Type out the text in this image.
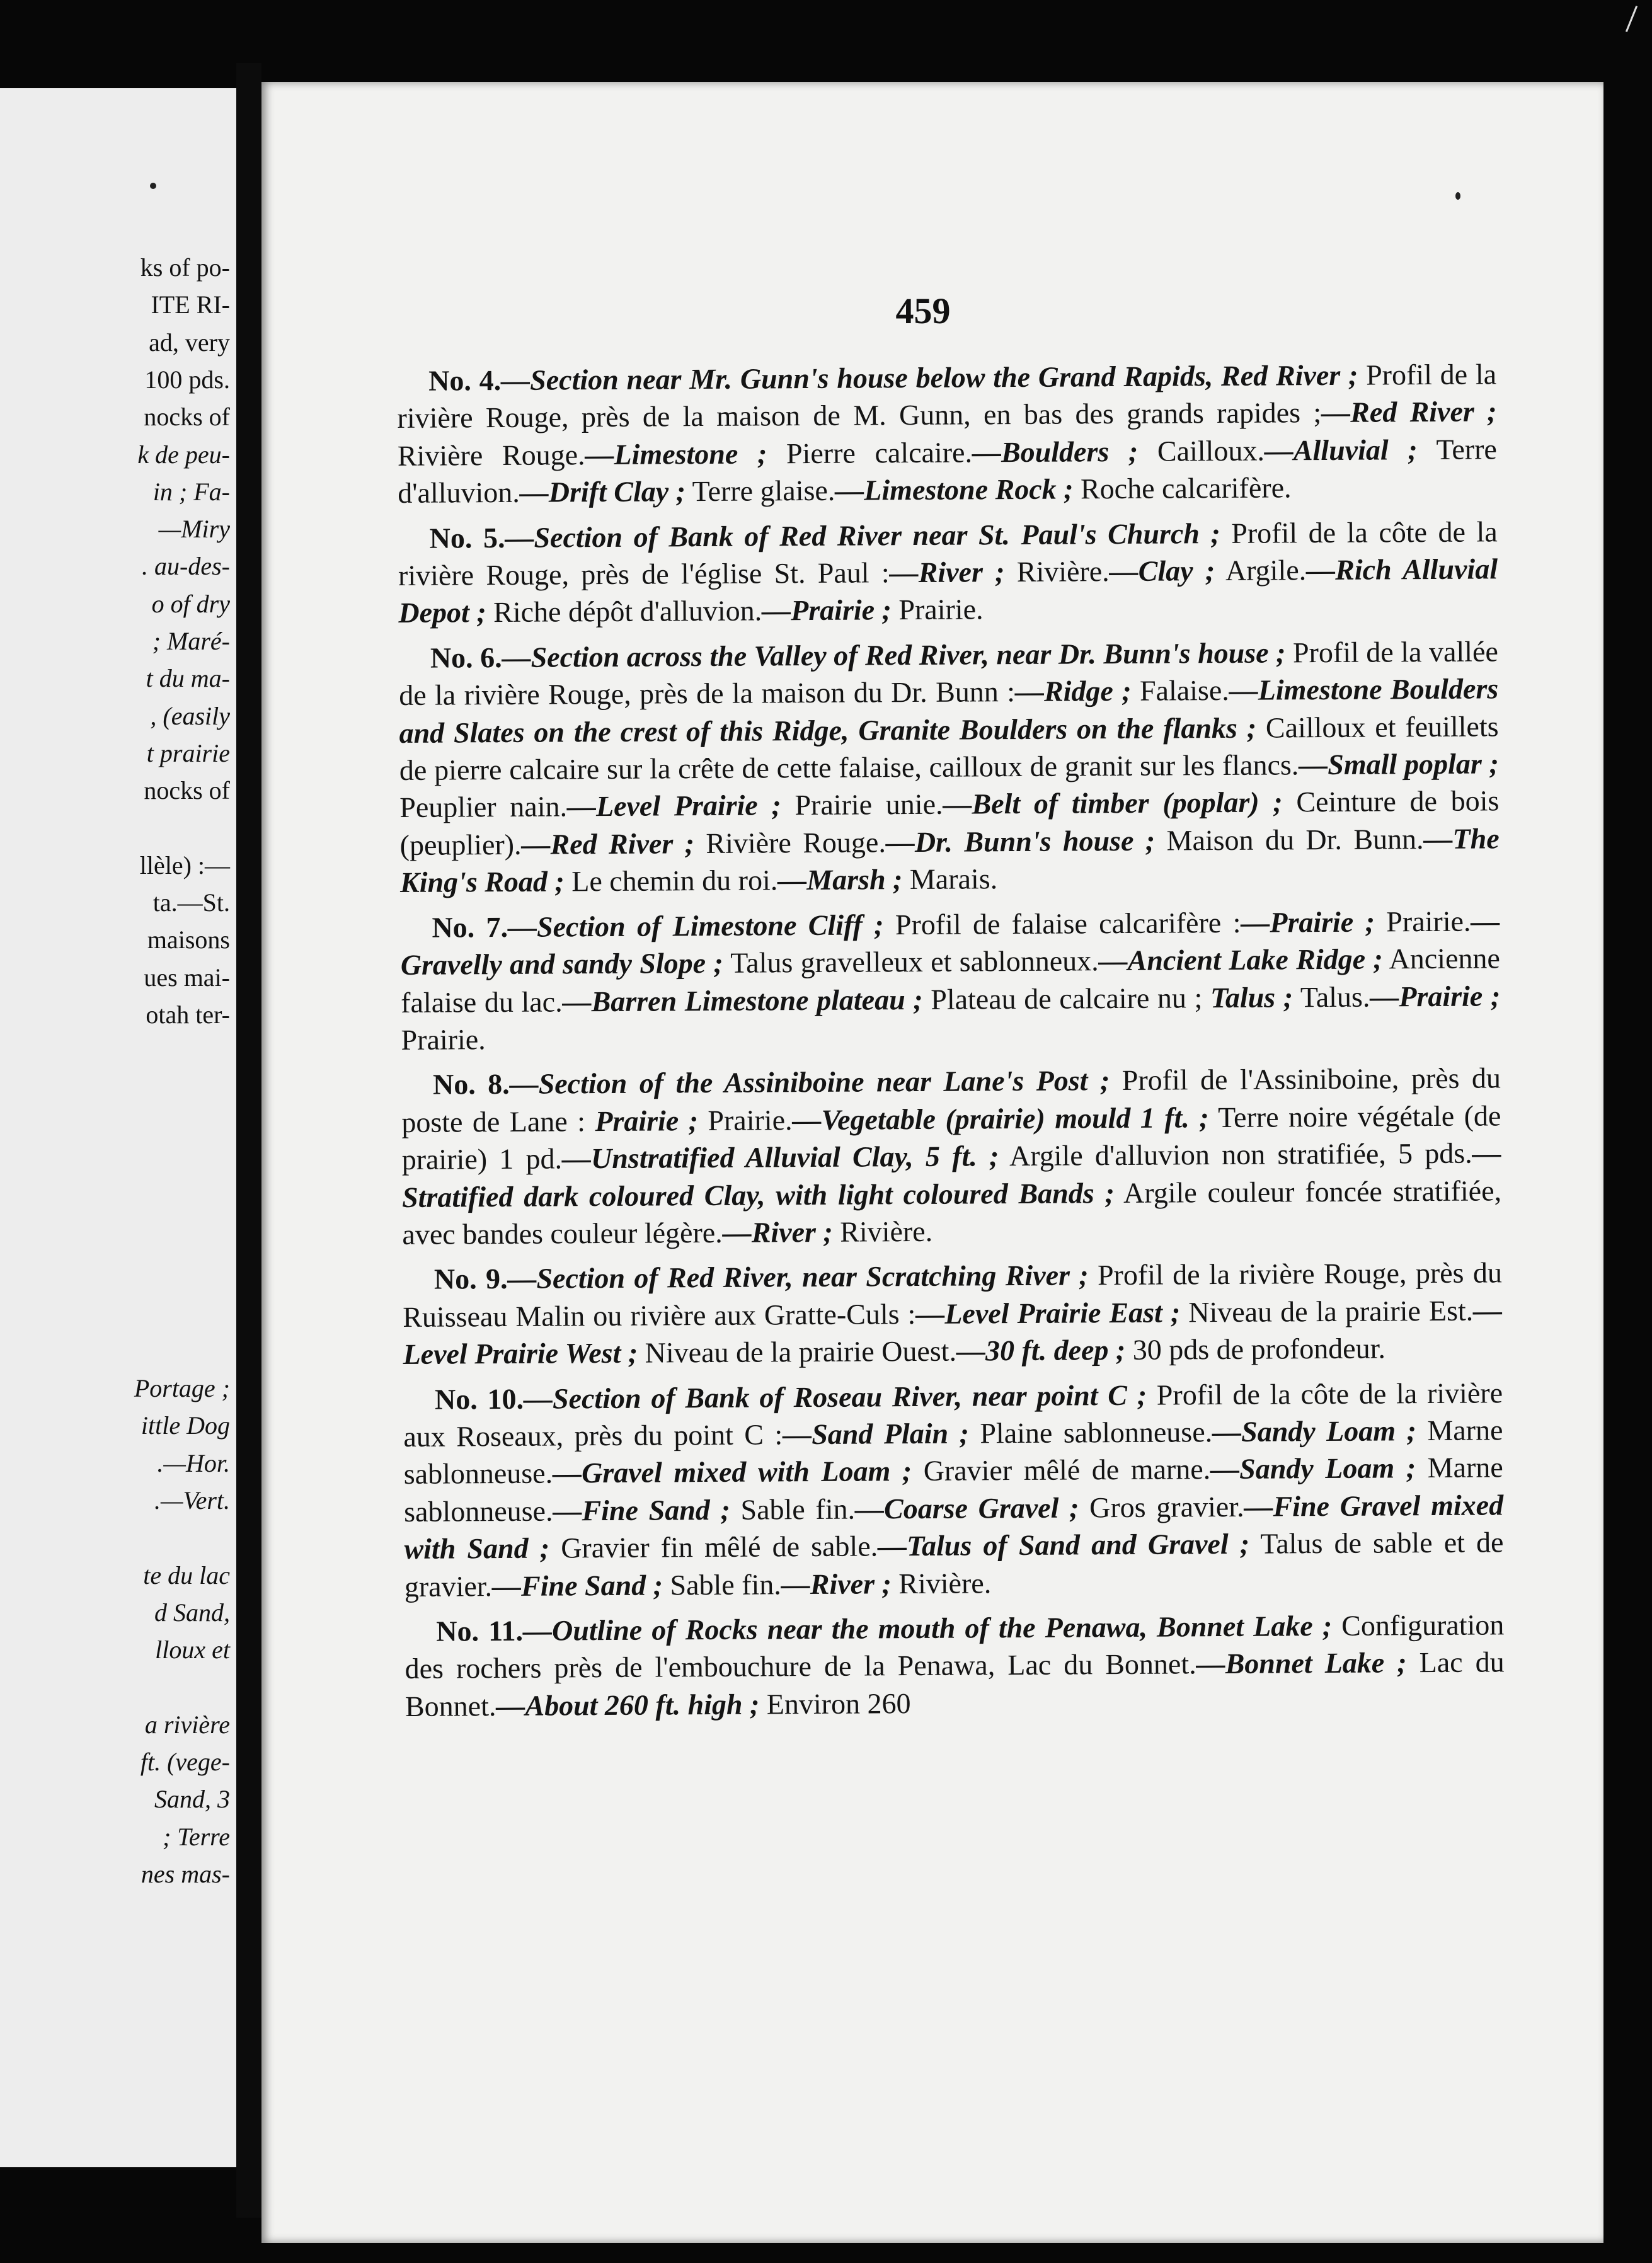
ks of po-
ITE RI-
ad, very
100 pds.
nocks of
k de peu-
in ; Fa-
—Miry
. au-des-
o of dry
; Maré-
t du ma-
, (easily
t prairie
nocks of
llèle) :—
ta.—St.
maisons
ues mai-
otah ter-
Portage ;
ittle Dog
.—Hor.
.—Vert.
te du lac
d Sand,
lloux et
a rivière
ft. (vege-
Sand, 3
; Terre
nes mas-
459

No. 4.—Section near Mr. Gunn's house below the Grand Rapids, Red River ; Profil de la rivière Rouge, près de la maison de M. Gunn, en bas des grands rapides ;—Red River ; Rivière Rouge.—Limestone ; Pierre calcaire.—Boulders ; Cailloux.—Alluvial ; Terre d'alluvion.—Drift Clay ; Terre glaise.—Limestone Rock ; Roche calcarifère.

No. 5.—Section of Bank of Red River near St. Paul's Church ; Profil de la côte de la rivière Rouge, près de l'église St. Paul :—River ; Rivière.—Clay ; Argile.—Rich Alluvial Depot ; Riche dépôt d'alluvion.—Prairie ; Prairie.

No. 6.—Section across the Valley of Red River, near Dr. Bunn's house ; Profil de la vallée de la rivière Rouge, près de la maison du Dr. Bunn :—Ridge ; Falaise.—Limestone Boulders and Slates on the crest of this Ridge, Granite Boulders on the flanks ; Cailloux et feuillets de pierre calcaire sur la crête de cette falaise, cailloux de granit sur les flancs.—Small poplar ; Peuplier nain.—Level Prairie ; Prairie unie.—Belt of timber (poplar) ; Ceinture de bois (peuplier).—Red River ; Rivière Rouge.—Dr. Bunn's house ; Maison du Dr. Bunn.—The King's Road ; Le chemin du roi.—Marsh ; Marais.

No. 7.—Section of Limestone Cliff ; Profil de falaise calcarifère :—Prairie ; Prairie.—Gravelly and sandy Slope ; Talus gravelleux et sablonneux.—Ancient Lake Ridge ; Ancienne falaise du lac.—Barren Limestone plateau ; Plateau de calcaire nu ; Talus ; Talus.—Prairie ; Prairie.

No. 8.—Section of the Assiniboine near Lane's Post ; Profil de l'Assiniboine, près du poste de Lane : Prairie ; Prairie.—Vegetable (prairie) mould 1 ft. ; Terre noire végétale (de prairie) 1 pd.—Unstratified Alluvial Clay, 5 ft. ; Argile d'alluvion non stratifiée, 5 pds.—Stratified dark coloured Clay, with light coloured Bands ; Argile couleur foncée stratifiée, avec bandes couleur légère.—River ; Rivière.

No. 9.—Section of Red River, near Scratching River ; Profil de la rivière Rouge, près du Ruisseau Malin ou rivière aux Gratte-Culs :—Level Prairie East ; Niveau de la prairie Est.—Level Prairie West ; Niveau de la prairie Ouest.—30 ft. deep ; 30 pds de profondeur.

No. 10.—Section of Bank of Roseau River, near point C ; Profil de la côte de la rivière aux Roseaux, près du point C :—Sand Plain ; Plaine sablonneuse.—Sandy Loam ; Marne sablonneuse.—Gravel mixed with Loam ; Gravier mêlé de marne.—Sandy Loam ; Marne sablonneuse.—Fine Sand ; Sable fin.—Coarse Gravel ; Gros gravier.—Fine Gravel mixed with Sand ; Gravier fin mêlé de sable.—Talus of Sand and Gravel ; Talus de sable et de gravier.—Fine Sand ; Sable fin.—River ; Rivière.

No. 11.—Outline of Rocks near the mouth of the Penawa, Bonnet Lake ; Configuration des rochers près de l'embouchure de la Penawa, Lac du Bonnet.—Bonnet Lake ; Lac du Bonnet.—About 260 ft. high ; Environ 260
